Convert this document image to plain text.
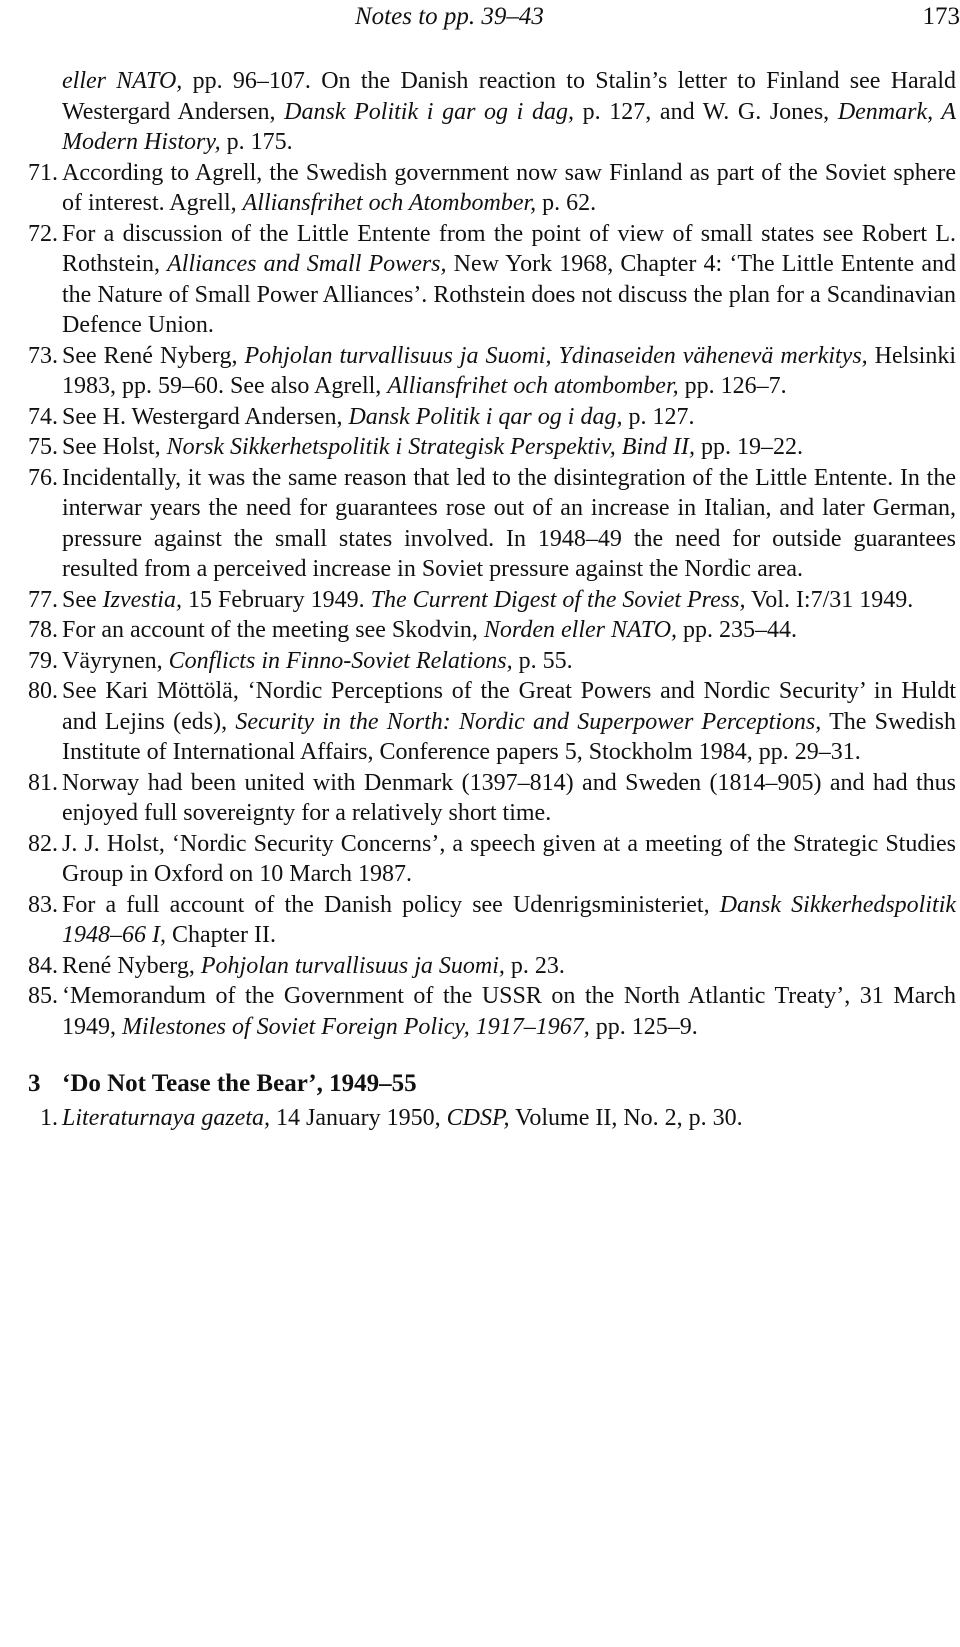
Notes to pp. 39–43	173

eller NATO, pp. 96–107. On the Danish reaction to Stalin’s letter to Finland see Harald Westergard Andersen, Dansk Politik i gar og i dag, p. 127, and W. G. Jones, Denmark, A Modern History, p. 175.

71. According to Agrell, the Swedish government now saw Finland as part of the Soviet sphere of interest. Agrell, Alliansfrihet och Atombomber, p. 62.

72. For a discussion of the Little Entente from the point of view of small states see Robert L. Rothstein, Alliances and Small Powers, New York 1968, Chapter 4: ‘The Little Entente and the Nature of Small Power Alliances’. Rothstein does not discuss the plan for a Scandinavian Defence Union.

73. See René Nyberg, Pohjolan turvallisuus ja Suomi, Ydinaseiden vähenevä merkitys, Helsinki 1983, pp. 59–60. See also Agrell, Alliansfrihet och atombomber, pp. 126–7.

74. See H. Westergard Andersen, Dansk Politik i qar og i dag, p. 127.

75. See Holst, Norsk Sikkerhetspolitik i Strategisk Perspektiv, Bind II, pp. 19–22.

76. Incidentally, it was the same reason that led to the disintegration of the Little Entente. In the interwar years the need for guarantees rose out of an increase in Italian, and later German, pressure against the small states involved. In 1948–49 the need for outside guarantees resulted from a perceived increase in Soviet pressure against the Nordic area.

77. See Izvestia, 15 February 1949. The Current Digest of the Soviet Press, Vol. I:7/31 1949.

78. For an account of the meeting see Skodvin, Norden eller NATO, pp. 235–44.

79. Väyrynen, Conflicts in Finno-Soviet Relations, p. 55.

80. See Kari Möttölä, ‘Nordic Perceptions of the Great Powers and Nordic Security’ in Huldt and Lejins (eds), Security in the North: Nordic and Superpower Perceptions, The Swedish Institute of International Affairs, Conference papers 5, Stockholm 1984, pp. 29–31.

81. Norway had been united with Denmark (1397–814) and Sweden (1814–905) and had thus enjoyed full sovereignty for a relatively short time.

82. J. J. Holst, ‘Nordic Security Concerns’, a speech given at a meeting of the Strategic Studies Group in Oxford on 10 March 1987.

83. For a full account of the Danish policy see Udenrigsministeriet, Dansk Sikkerhedspolitik 1948–66 I, Chapter II.

84. René Nyberg, Pohjolan turvallisuus ja Suomi, p. 23.

85. ‘Memorandum of the Government of the USSR on the North Atlantic Treaty’, 31 March 1949, Milestones of Soviet Foreign Policy, 1917–1967, pp. 125–9.

3 ‘Do Not Tease the Bear’, 1949–55

1. Literaturnaya gazeta, 14 January 1950, CDSP, Volume II, No. 2, p. 30.
